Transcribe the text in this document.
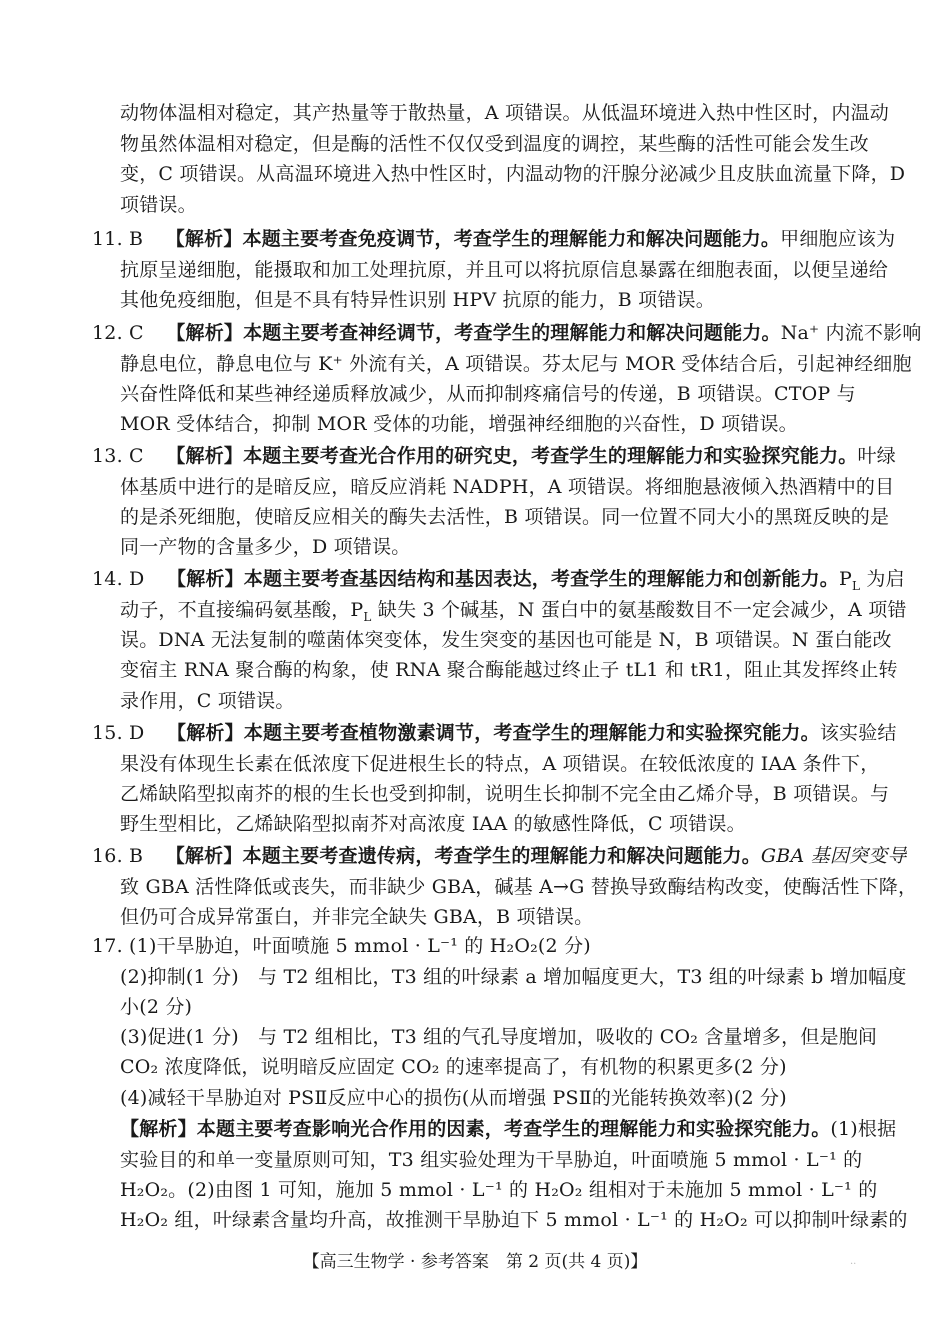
动物体温相对稳定，其产热量等于散热量，A 项错误。从低温环境进入热中性区时，内温动
物虽然体温相对稳定，但是酶的活性不仅仅受到温度的调控，某些酶的活性可能会发生改
变，C 项错误。从高温环境进入热中性区时，内温动物的汗腺分泌减少且皮肤血流量下降，D
项错误。
11. B 【解析】本题主要考查免疫调节，考查学生的理解能力和解决问题能力。甲细胞应该为
抗原呈递细胞，能摄取和加工处理抗原，并且可以将抗原信息暴露在细胞表面，以便呈递给
其他免疫细胞，但是不具有特异性识别 HPV 抗原的能力，B 项错误。
12. C 【解析】本题主要考查神经调节，考查学生的理解能力和解决问题能力。Na⁺ 内流不影响
静息电位，静息电位与 K⁺ 外流有关，A 项错误。芬太尼与 MOR 受体结合后，引起神经细胞
兴奋性降低和某些神经递质释放减少，从而抑制疼痛信号的传递，B 项错误。CTOP 与
MOR 受体结合，抑制 MOR 受体的功能，增强神经细胞的兴奋性，D 项错误。
13. C 【解析】本题主要考查光合作用的研究史，考查学生的理解能力和实验探究能力。叶绿
体基质中进行的是暗反应，暗反应消耗 NADPH，A 项错误。将细胞悬液倾入热酒精中的目
的是杀死细胞，使暗反应相关的酶失去活性，B 项错误。同一位置不同大小的黑斑反映的是
同一产物的含量多少，D 项错误。
14. D 【解析】本题主要考查基因结构和基因表达，考查学生的理解能力和创新能力。$P_L$ 为启
动子，不直接编码氨基酸，$P_L$ 缺失 3 个碱基，N 蛋白中的氨基酸数目不一定会减少，A 项错
误。DNA 无法复制的噬菌体突变体，发生突变的基因也可能是 N，B 项错误。N 蛋白能改
变宿主 RNA 聚合酶的构象，使 RNA 聚合酶能越过终止子 tL1 和 tR1，阻止其发挥终止转
录作用，C 项错误。
15. D 【解析】本题主要考查植物激素调节，考查学生的理解能力和实验探究能力。该实验结
果没有体现生长素在低浓度下促进根生长的特点，A 项错误。在较低浓度的 IAA 条件下，
乙烯缺陷型拟南芥的根的生长也受到抑制，说明生长抑制不完全由乙烯介导，B 项错误。与
野生型相比，乙烯缺陷型拟南芥对高浓度 IAA 的敏感性降低，C 项错误。
16. B 【解析】本题主要考查遗传病，考查学生的理解能力和解决问题能力。GBA 基因突变导
致 GBA 活性降低或丧失，而非缺少 GBA，碱基 A→G 替换导致酶结构改变，使酶活性下降，
但仍可合成异常蛋白，并非完全缺失 GBA，B 项错误。
17. (1)干旱胁迫，叶面喷施 5 mmol · L⁻¹ 的 H₂O₂(2 分)
(2)抑制(1 分)　与 T2 组相比，T3 组的叶绿素 a 增加幅度更大，T3 组的叶绿素 b 增加幅度
小(2 分)
(3)促进(1 分)　与 T2 组相比，T3 组的气孔导度增加，吸收的 CO₂ 含量增多，但是胞间
CO₂ 浓度降低，说明暗反应固定 CO₂ 的速率提高了，有机物的积累更多(2 分)
(4)减轻干旱胁迫对 PSⅡ反应中心的损伤(从而增强 PSⅡ的光能转换效率)(2 分)
【解析】本题主要考查影响光合作用的因素，考查学生的理解能力和实验探究能力。(1)根据
实验目的和单一变量原则可知，T3 组实验处理为干旱胁迫，叶面喷施 5 mmol · L⁻¹ 的
H₂O₂。(2)由图 1 可知，施加 5 mmol · L⁻¹ 的 H₂O₂ 组相对于未施加 5 mmol · L⁻¹ 的
H₂O₂ 组，叶绿素含量均升高，故推测干旱胁迫下 5 mmol · L⁻¹ 的 H₂O₂ 可以抑制叶绿素的
【高三生物学 · 参考答案　第 2 页(共 4 页)】	..
